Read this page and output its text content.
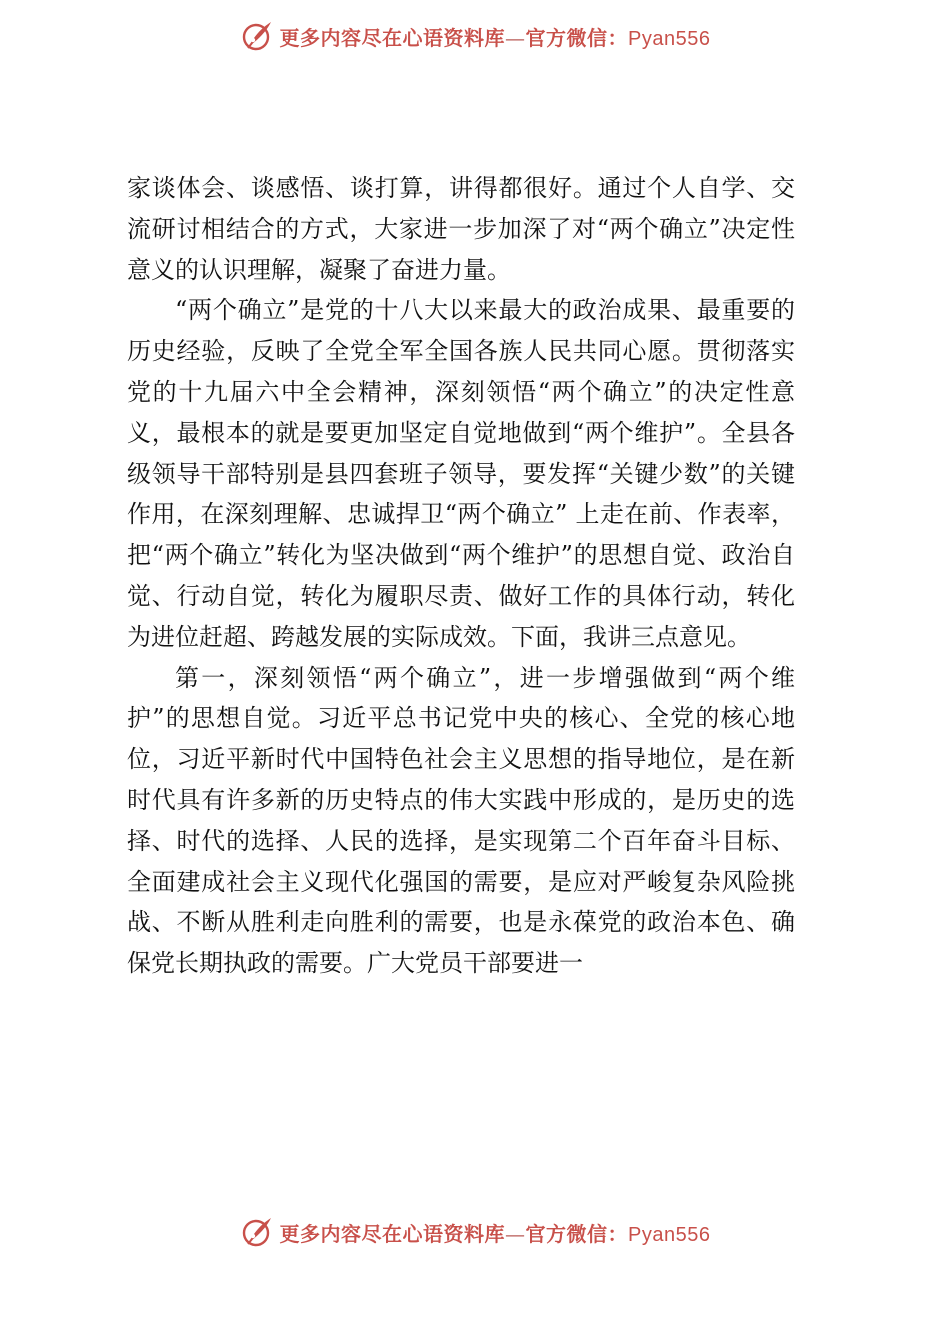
更多内容尽在心语资料库—官方微信：Pyan556

家谈体会、谈感悟、谈打算，讲得都很好。通过个人自学、交流研讨相结合的方式，大家进一步加深了对“两个确立”决定性意义的认识理解，凝聚了奋进力量。

“两个确立”是党的十八大以来最大的政治成果、最重要的历史经验，反映了全党全军全国各族人民共同心愿。贯彻落实党的十九届六中全会精神，深刻领悟“两个确立”的决定性意义，最根本的就是要更加坚定自觉地做到“两个维护”。全县各级领导干部特别是县四套班子领导，要发挥“关键少数”的关键作用，在深刻理解、忠诚捍卫“两个确立” 上走在前、作表率，把“两个确立”转化为坚决做到“两个维护”的思想自觉、政治自觉、行动自觉，转化为履职尽责、做好工作的具体行动，转化为进位赶超、跨越发展的实际成效。下面，我讲三点意见。

第一，深刻领悟“两个确立”，进一步增强做到“两个维护”的思想自觉。习近平总书记党中央的核心、全党的核心地位，习近平新时代中国特色社会主义思想的指导地位，是在新时代具有许多新的历史特点的伟大实践中形成的，是历史的选择、时代的选择、人民的选择，是实现第二个百年奋斗目标、全面建成社会主义现代化强国的需要，是应对严峻复杂风险挑战、不断从胜利走向胜利的需要，也是永葆党的政治本色、确保党长期执政的需要。广大党员干部要进一

更多内容尽在心语资料库—官方微信：Pyan556
